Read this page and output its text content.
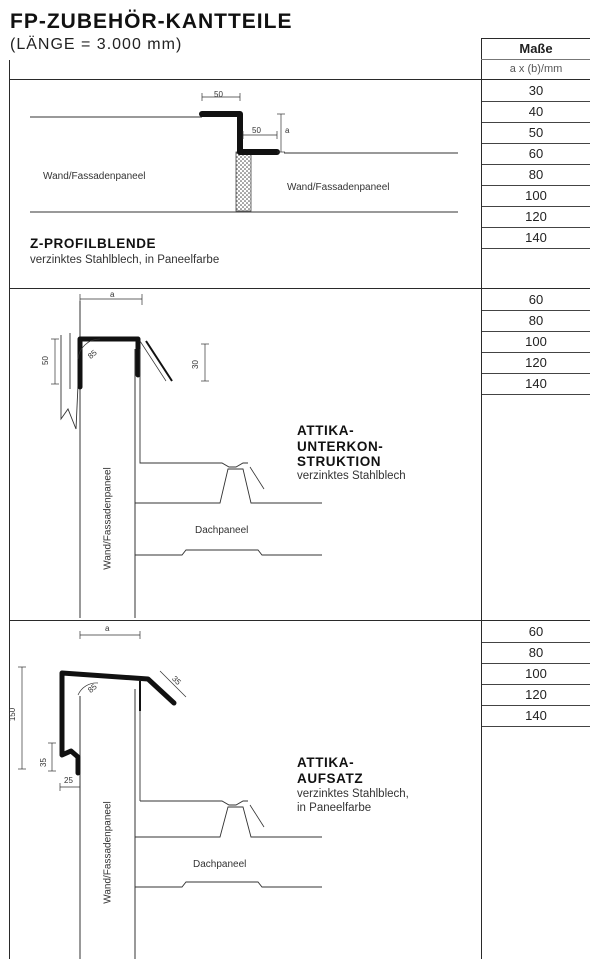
FP-ZUBEHÖR-KANTTEILE
(LÄNGE = 3.000 mm)	Maße
a x (b)/mm
30
40
50
60
80
100
120
140
60
80
100
120
140
60
80
100
120
140
50
50	a
Wand/Fassadenpaneel
Wand/Fassadenpaneel
Z-PROFILBLENDE
verzinktes Stahlblech, in Paneelfarbe
a
50	85
30
Wand/Fassadenpaneel	Dachpaneel
ATTIKA-
UNTERKON-
STRUKTION
verzinktes Stahlblech
a
150
85
35
35
25
Wand/Fassadenpaneel	Dachpaneel
ATTIKA-
AUFSATZ
verzinktes Stahlblech,
in Paneelfarbe
